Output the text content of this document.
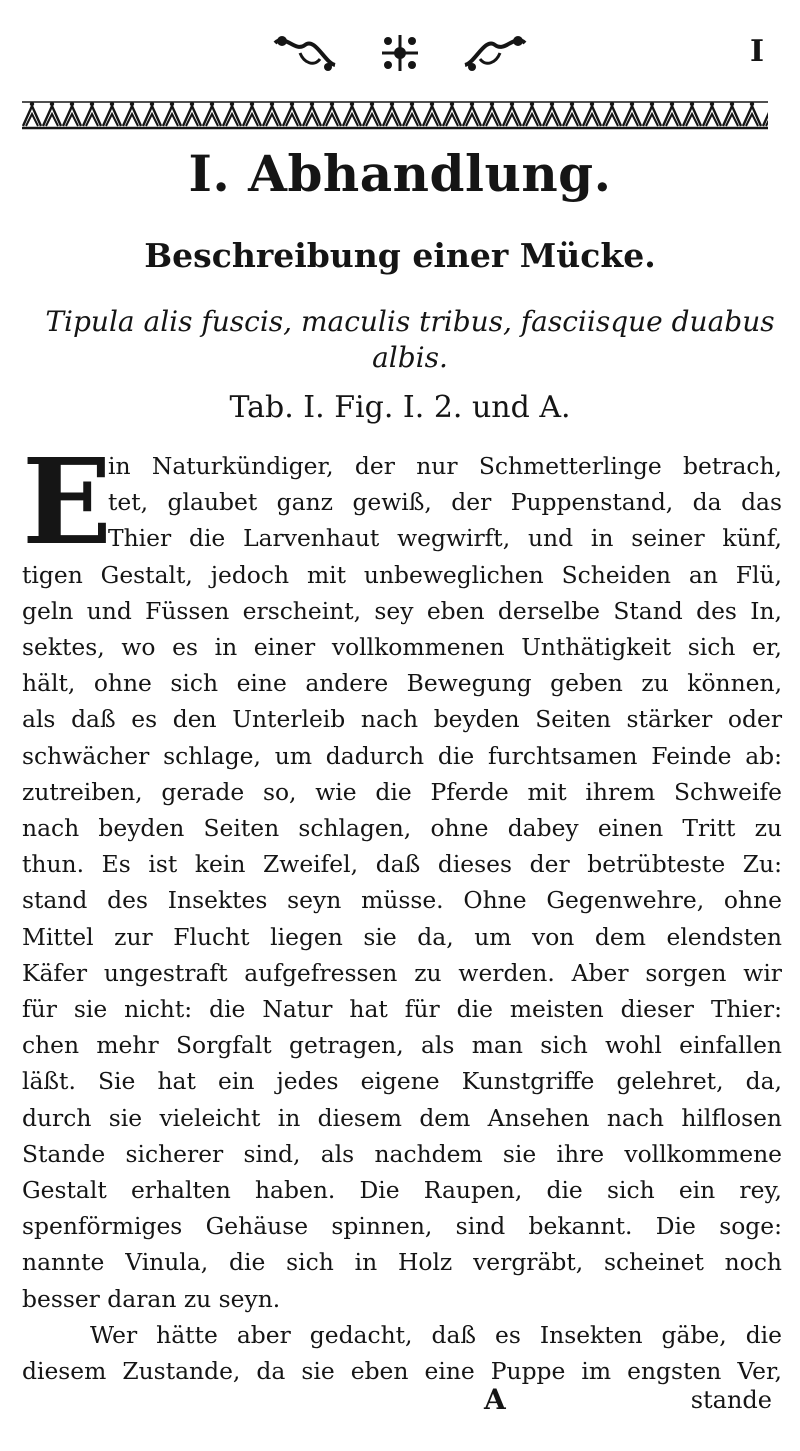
I
I. Abhandlung.
Beschreibung einer Mücke.
Tipula alis fuscis, maculis tribus, fasciisque duabus albis.
Tab. I. Fig. I. 2. und A.
E
in Naturkündiger, der nur Schmetterlinge betrach,
tet, glaubet ganz gewiß, der Puppenstand, da das
Thier die Larvenhaut wegwirft, und in seiner künf,
tigen Gestalt, jedoch mit unbeweglichen Scheiden an Flü,
geln und Füssen erscheint, sey eben derselbe Stand des In,
sektes, wo es in einer vollkommenen Unthätigkeit sich er,
hält, ohne sich eine andere Bewegung geben zu können,
als daß es den Unterleib nach beyden Seiten stärker oder
schwächer schlage, um dadurch die furchtsamen Feinde ab:
zutreiben, gerade so, wie die Pferde mit ihrem Schweife
nach beyden Seiten schlagen, ohne dabey einen Tritt zu
thun. Es ist kein Zweifel, daß dieses der betrübteste Zu:
stand des Insektes seyn müsse. Ohne Gegenwehre, ohne
Mittel zur Flucht liegen sie da, um von dem elendsten
Käfer ungestraft aufgefressen zu werden. Aber sorgen wir
für sie nicht: die Natur hat für die meisten dieser Thier:
chen mehr Sorgfalt getragen, als man sich wohl einfallen
läßt. Sie hat ein jedes eigene Kunstgriffe gelehret, da,
durch sie vieleicht in diesem dem Ansehen nach hilflosen
Stande sicherer sind, als nachdem sie ihre vollkommene
Gestalt erhalten haben. Die Raupen, die sich ein rey,
spenförmiges Gehäuse spinnen, sind bekannt. Die soge:
nannte Vinula, die sich in Holz vergräbt, scheinet noch
besser daran zu seyn.
Wer hätte aber gedacht, daß es Insekten gäbe, die
diesem Zustande, da sie eben eine Puppe im engsten Ver,
A	stande
